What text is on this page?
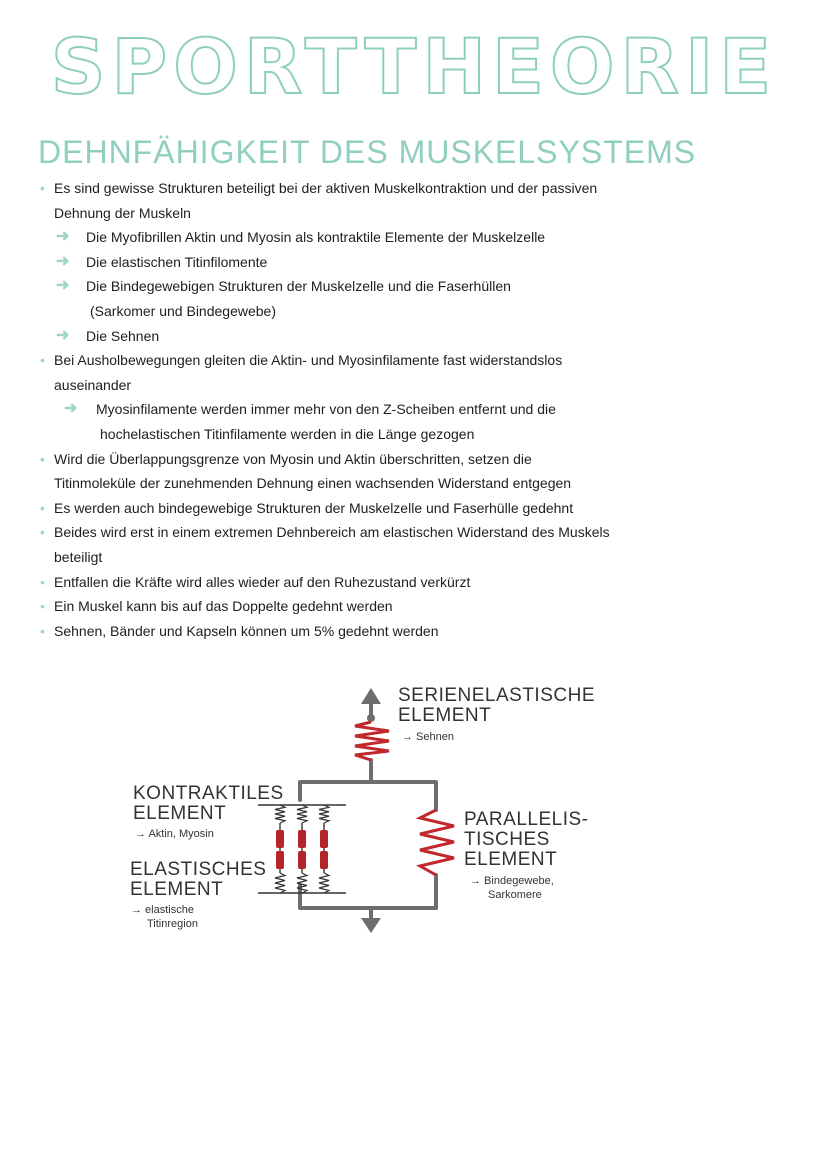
SPORTTHEORIE
DEHNFÄHIGKEIT DES MUSKELSYSTEMS
• Es sind gewisse Strukturen beteiligt bei der aktiven Muskelkontraktion und der passiven
Dehnung der Muskeln
➜ Die Myofibrillen Aktin und Myosin als kontraktile Elemente der Muskelzelle
➜ Die elastischen Titinfilomente
➜ Die Bindegewebigen Strukturen der Muskelzelle und die Faserhüllen
(Sarkomer und Bindegewebe)
➜ Die Sehnen
• Bei Ausholbewegungen gleiten die Aktin- und Myosinfilamente fast widerstandslos
auseinander
➜ Myosinfilamente werden immer mehr von den Z-Scheiben entfernt und die
hochelastischen Titinfilamente werden in die Länge gezogen
• Wird die Überlappungsgrenze von Myosin und Aktin überschritten, setzen die
Titinmoleküle der zunehmenden Dehnung einen wachsenden Widerstand entgegen
• Es werden auch bindegewebige Strukturen der Muskelzelle und Faserhülle gedehnt
• Beides wird erst in einem extremen Dehnbereich am elastischen Widerstand des Muskels
beteiligt
• Entfallen die Kräfte wird alles wieder auf den Ruhezustand verkürzt
• Ein Muskel kann bis auf das Doppelte gedehnt werden
• Sehnen, Bänder und Kapseln können um 5% gedehnt werden
SERIENELASTISCHE
ELEMENT
→ Sehnen
KONTRAKTILES
ELEMENT
→ Aktin, Myosin
ELASTISCHES
ELEMENT
→ elastische
Titinregion
PARALLELIS-
TISCHES
ELEMENT
→ Bindegewebe,
Sarkomere
